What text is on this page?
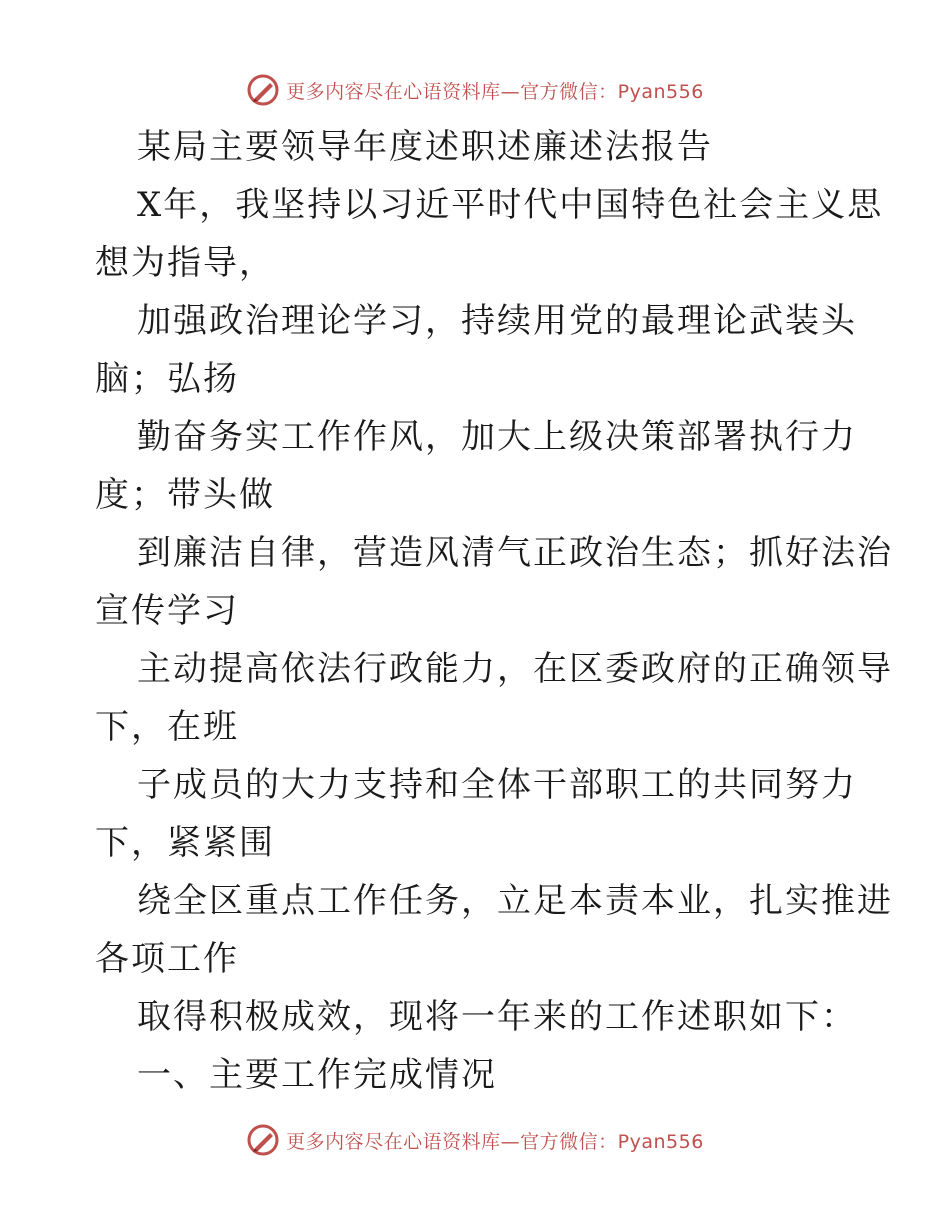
更多内容尽在心语资料库—官方微信：Pyan556
某局主要领导年度述职述廉述法报告
X年，我坚持以习近平时代中国特色社会主义思
想为指导，
加强政治理论学习，持续用党的最理论武装头
脑；弘扬
勤奋务实工作作风，加大上级决策部署执行力
度；带头做
到廉洁自律，营造风清气正政治生态；抓好法治
宣传学习
主动提高依法行政能力，在区委政府的正确领导
下，在班
子成员的大力支持和全体干部职工的共同努力
下，紧紧围
绕全区重点工作任务，立足本责本业，扎实推进
各项工作
取得积极成效，现将一年来的工作述职如下：
一、主要工作完成情况
更多内容尽在心语资料库—官方微信：Pyan556
